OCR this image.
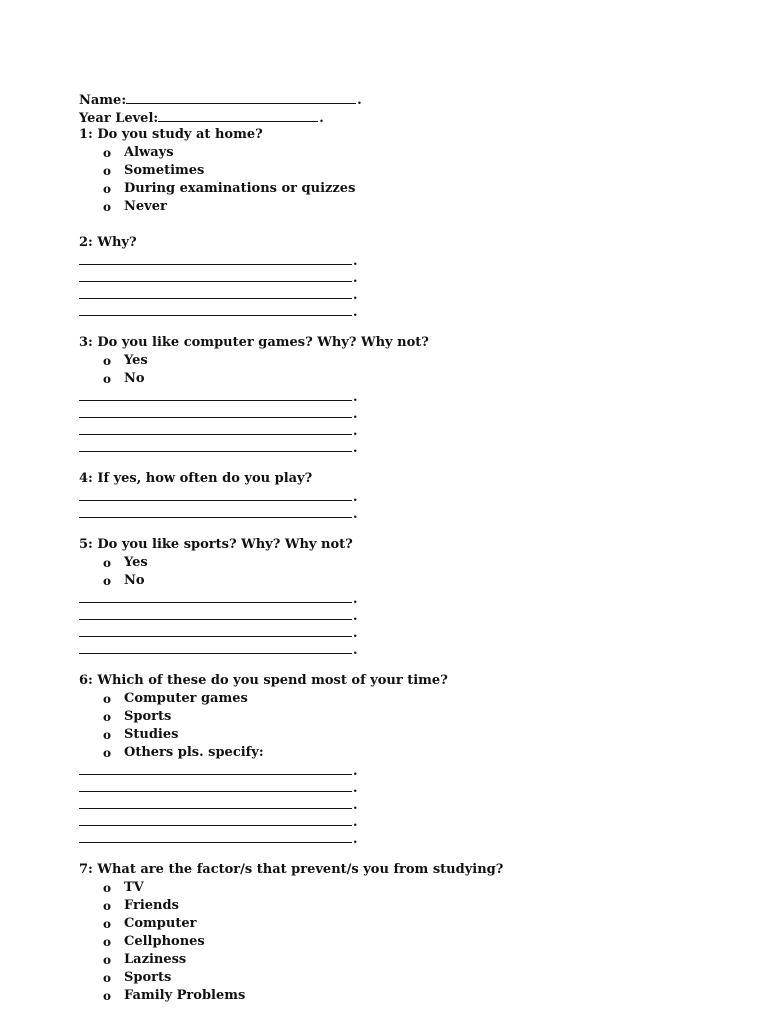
Name:	.
Year Level:	.
1: Do you study at home?
o Always
o Sometimes
o During examinations or quizzes
o Never
2: Why?
.
.
.
.
3: Do you like computer games? Why? Why not?
o Yes
o No
.
.
.
.
4: If yes, how often do you play?
.
.
5: Do you like sports? Why? Why not?
o Yes
o No
.
.
.
.
6: Which of these do you spend most of your time?
o Computer games
o Sports
o Studies
o Others pls. specify:
.
.
.
.
.
7: What are the factor/s that prevent/s you from studying?
o TV
o Friends
o Computer
o Cellphones
o Laziness
o Sports
o Family Problems
